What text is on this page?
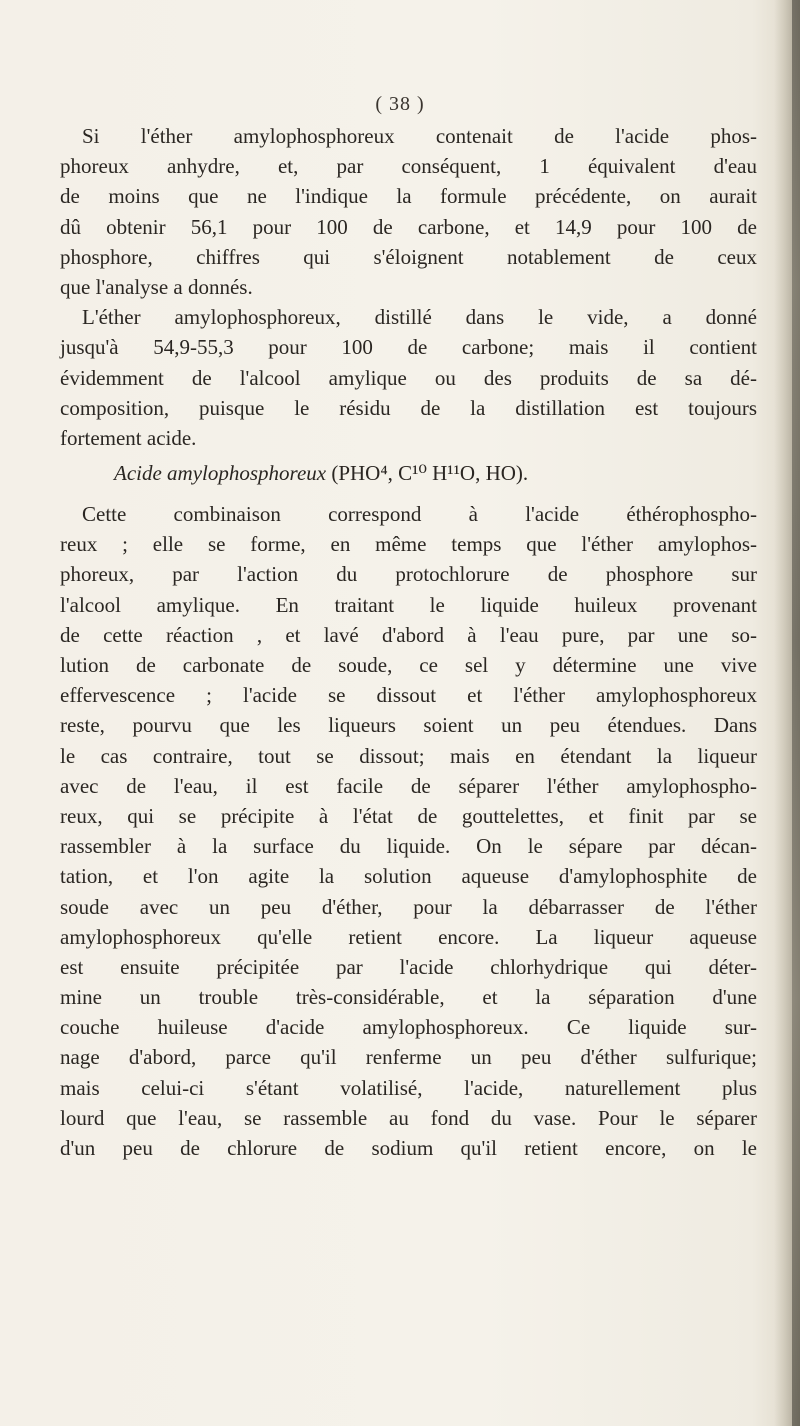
( 38 )
Si l'éther amylophosphoreux contenait de l'acide phos-
phoreux anhydre, et, par conséquent, 1 équivalent d'eau
de moins que ne l'indique la formule précédente, on aurait
dû obtenir 56,1 pour 100 de carbone, et 14,9 pour 100 de
phosphore, chiffres qui s'éloignent notablement de ceux
que l'analyse a donnés.
L'éther amylophosphoreux, distillé dans le vide, a donné
jusqu'à 54,9-55,3 pour 100 de carbone; mais il contient
évidemment de l'alcool amylique ou des produits de sa dé-
composition, puisque le résidu de la distillation est toujours
fortement acide.
Acide amylophosphoreux (PHO⁴, C¹⁰ H¹¹O, HO).
Cette combinaison correspond à l'acide éthérophospho-
reux ; elle se forme, en même temps que l'éther amylophos-
phoreux, par l'action du protochlorure de phosphore sur
l'alcool amylique. En traitant le liquide huileux provenant
de cette réaction , et lavé d'abord à l'eau pure, par une so-
lution de carbonate de soude, ce sel y détermine une vive
effervescence ; l'acide se dissout et l'éther amylophosphoreux
reste, pourvu que les liqueurs soient un peu étendues. Dans
le cas contraire, tout se dissout; mais en étendant la liqueur
avec de l'eau, il est facile de séparer l'éther amylophospho-
reux, qui se précipite à l'état de gouttelettes, et finit par se
rassembler à la surface du liquide. On le sépare par décan-
tation, et l'on agite la solution aqueuse d'amylophosphite de
soude avec un peu d'éther, pour la débarrasser de l'éther
amylophosphoreux qu'elle retient encore. La liqueur aqueuse
est ensuite précipitée par l'acide chlorhydrique qui déter-
mine un trouble très-considérable, et la séparation d'une
couche huileuse d'acide amylophosphoreux. Ce liquide sur-
nage d'abord, parce qu'il renferme un peu d'éther sulfurique;
mais celui-ci s'étant volatilisé, l'acide, naturellement plus
lourd que l'eau, se rassemble au fond du vase. Pour le séparer
d'un peu de chlorure de sodium qu'il retient encore, on le
